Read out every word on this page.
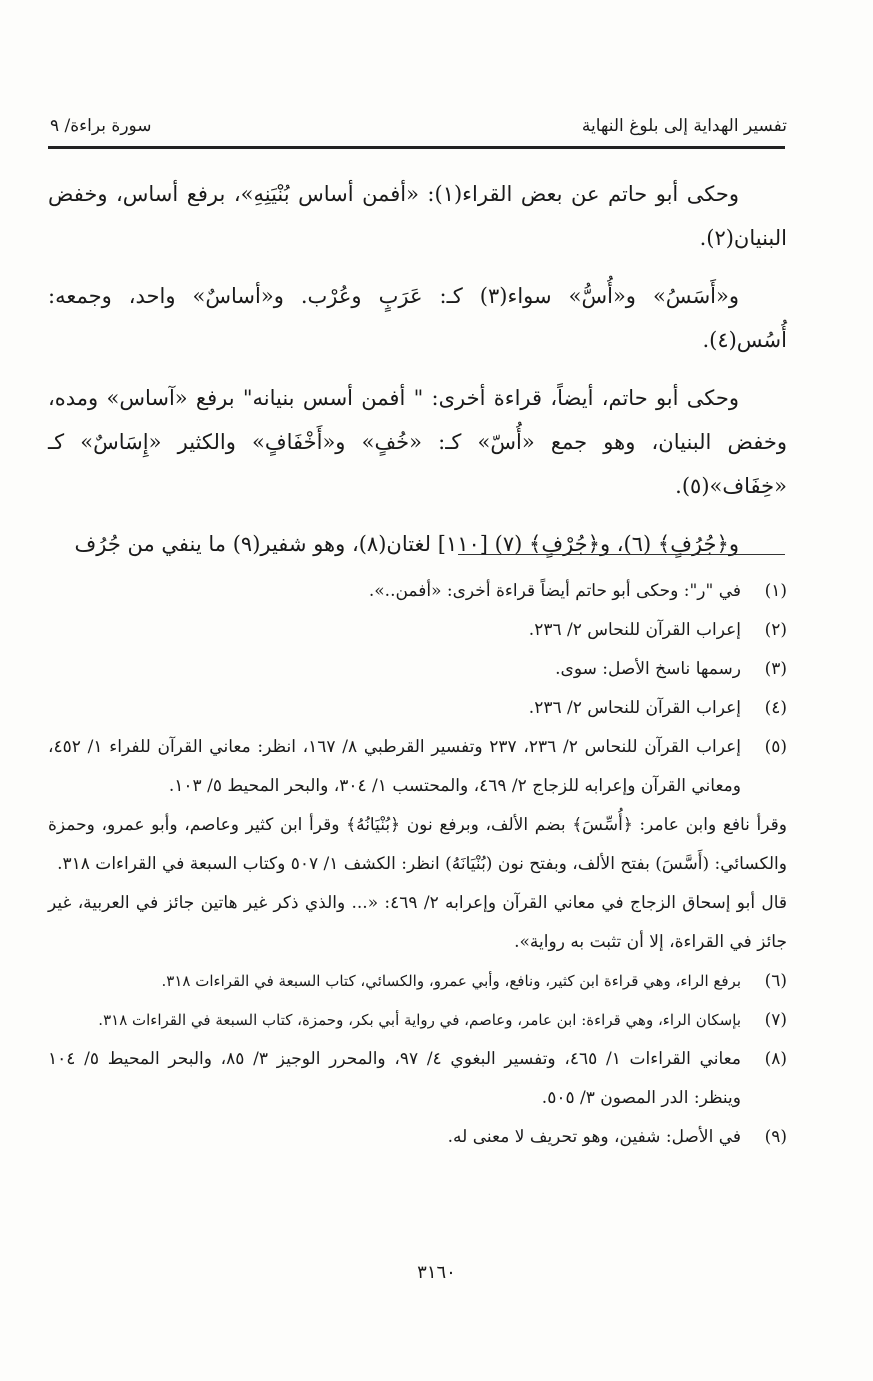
تفسير الهداية إلى بلوغ النهاية
سورة براءة/ ٩

وحكى أبو حاتم عن بعض القراء(١): «أفمن أساس بُنْيَنِهِ»، برفع أساس، وخفض البنيان(٢).

و«أَسَسُ» و«أُسُّ» سواء(٣) كـ: عَرَبٍ وعُرْب. و«أساسٌ» واحد، وجمعه: أُسُس(٤).

وحكى أبو حاتم، أيضاً، قراءة أخرى: " أفمن أسس بنيانه" برفع «آساس» ومده، وخفض البنيان، وهو جمع «أُسّ» كـ: «خُفٍ» و«أَخْفَافٍ» والكثير «إِسَاسٌ» كـ «خِفَاف»(٥).

و﴿جُرُفٍ﴾ (٦)، و﴿جُرْفٍ﴾ (٧) [١١٠] لغتان(٨)، وهو شفير(٩) ما ينفي من جُرُف

(١)
في "ر": وحكى أبو حاتم أيضاً قراءة أخرى: «أفمن..».
(٢)
إعراب القرآن للنحاس ٢/ ٢٣٦.
(٣)
رسمها ناسخ الأصل: سوى.
(٤)
إعراب القرآن للنحاس ٢/ ٢٣٦.
(٥)
إعراب القرآن للنحاس ٢/ ٢٣٦، ٢٣٧ وتفسير القرطبي ٨/ ١٦٧، انظر: معاني القرآن للفراء ١/ ٤٥٢، ومعاني القرآن وإعرابه للزجاج ٢/ ٤٦٩، والمحتسب ١/ ٣٠٤، والبحر المحيط ٥/ ١٠٣.

وقرأ نافع وابن عامر: ﴿أُسِّسَ﴾ بضم الألف، وبرفع نون ﴿بُنْيَانُهُ﴾ وقرأ ابن كثير وعاصم، وأبو عمرو، وحمزة والكسائي: (أَسَّسَ) بفتح الألف، وبفتح نون (بُنْيَانَهُ) انظر: الكشف ١/ ٥٠٧ وكتاب السبعة في القراءات ٣١٨.

قال أبو إسحاق الزجاج في معاني القرآن وإعرابه ٢/ ٤٦٩: «... والذي ذكر غير هاتين جائز في العربية، غير جائز في القراءة، إلا أن تثبت به رواية».

(٦)
برفع الراء، وهي قراءة ابن كثير، ونافع، وأبي عمرو، والكسائي، كتاب السبعة في القراءات ٣١٨.
(٧)
بإسكان الراء، وهي قراءة: ابن عامر، وعاصم، في رواية أبي بكر، وحمزة، كتاب السبعة في القراءات ٣١٨.
(٨)
معاني القراءات ١/ ٤٦٥، وتفسير البغوي ٤/ ٩٧، والمحرر الوجيز ٣/ ٨٥، والبحر المحيط ٥/ ١٠٤ وينظر: الدر المصون ٣/ ٥٠٥.
(٩)
في الأصل: شفين، وهو تحريف لا معنى له.
٣١٦٠
